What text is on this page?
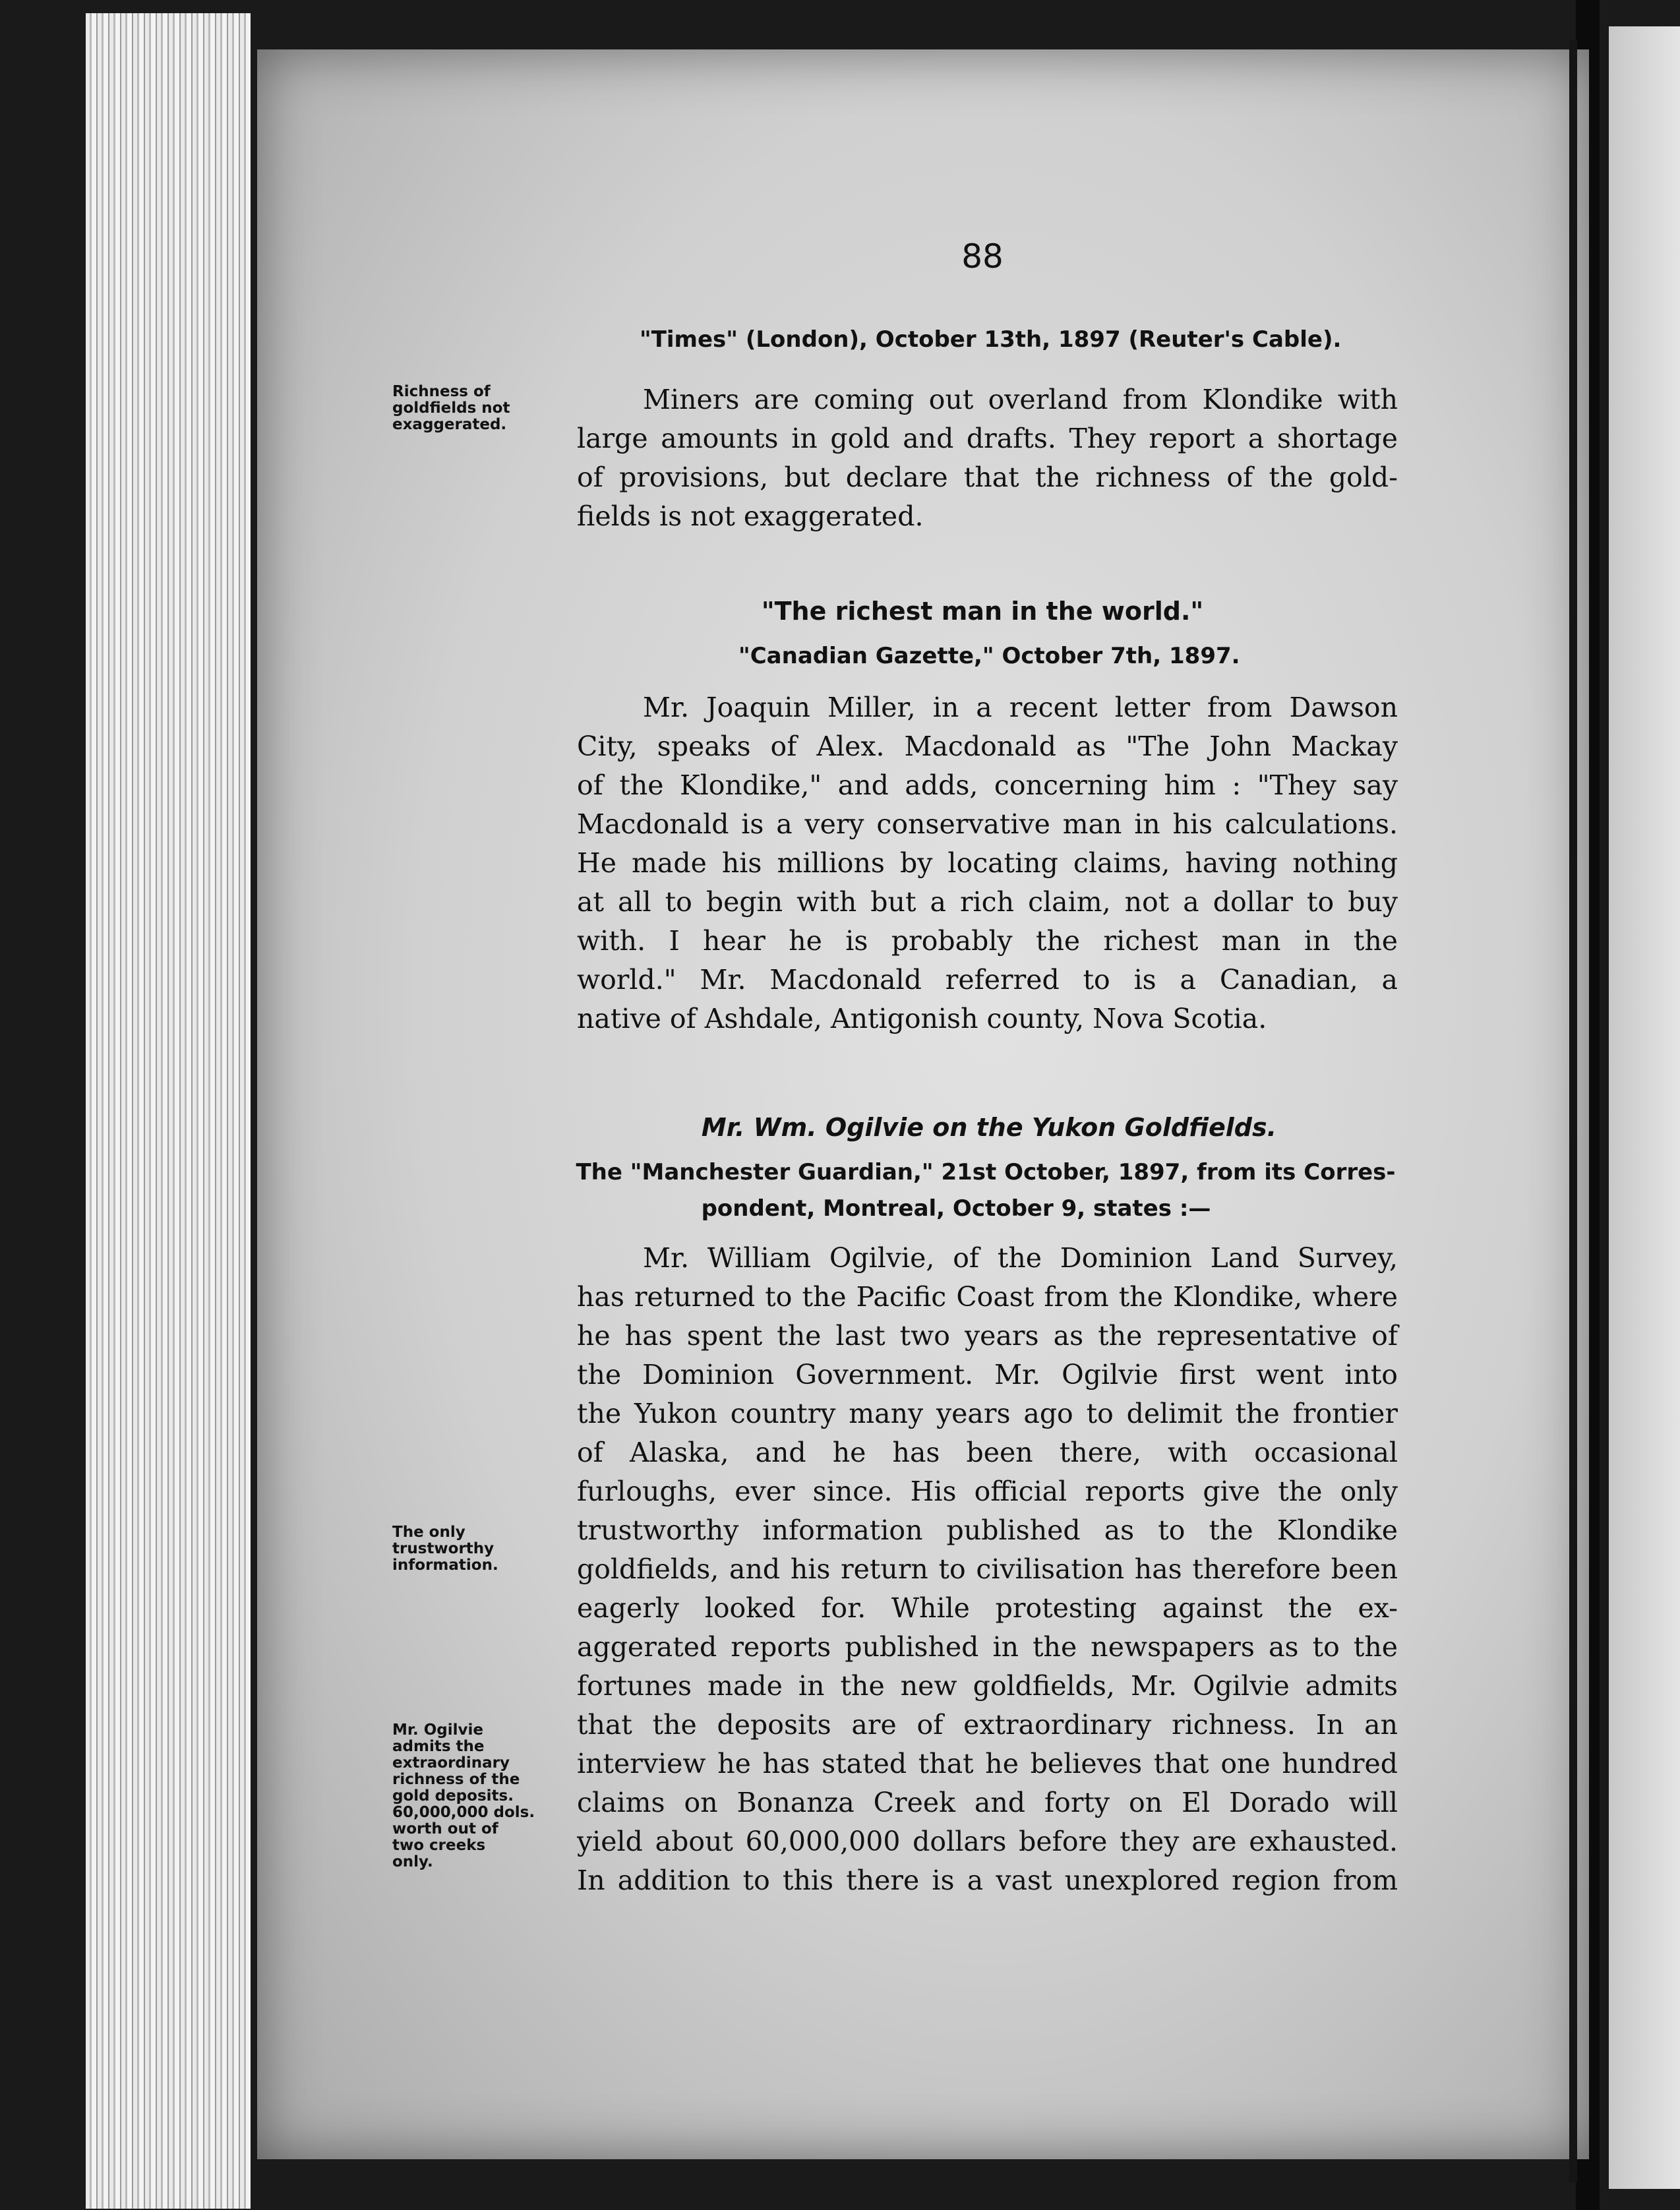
88
"Times" (London), October 13th, 1897 (Reuter's Cable).
Richness of
goldfields not
exaggerated.
Miners are coming out overland from Klondike with
large amounts in gold and drafts. They report a shortage
of provisions, but declare that the richness of the gold-
fields is not exaggerated.
"The richest man in the world."
"Canadian Gazette," October 7th, 1897.
Mr. Joaquin Miller, in a recent letter from Dawson
City, speaks of Alex. Macdonald as "The John Mackay
of the Klondike," and adds, concerning him : "They say
Macdonald is a very conservative man in his calculations.
He made his millions by locating claims, having nothing
at all to begin with but a rich claim, not a dollar to buy
with. I hear he is probably the richest man in the
world." Mr. Macdonald referred to is a Canadian, a
native of Ashdale, Antigonish county, Nova Scotia.
Mr. Wm. Ogilvie on the Yukon Goldfields.
The "Manchester Guardian," 21st October, 1897, from its Corres-
pondent, Montreal, October 9, states :—
The only
trustworthy
information.
Mr. Ogilvie
admits the
extraordinary
richness of the
gold deposits.
60,000,000 dols.
worth out of
two creeks
only.
Mr. William Ogilvie, of the Dominion Land Survey,
has returned to the Pacific Coast from the Klondike, where
he has spent the last two years as the representative of
the Dominion Government. Mr. Ogilvie first went into
the Yukon country many years ago to delimit the frontier
of Alaska, and he has been there, with occasional
furloughs, ever since. His official reports give the only
trustworthy information published as to the Klondike
goldfields, and his return to civilisation has therefore been
eagerly looked for. While protesting against the ex-
aggerated reports published in the newspapers as to the
fortunes made in the new goldfields, Mr. Ogilvie admits
that the deposits are of extraordinary richness. In an
interview he has stated that he believes that one hundred
claims on Bonanza Creek and forty on El Dorado will
yield about 60,000,000 dollars before they are exhausted.
In addition to this there is a vast unexplored region from
